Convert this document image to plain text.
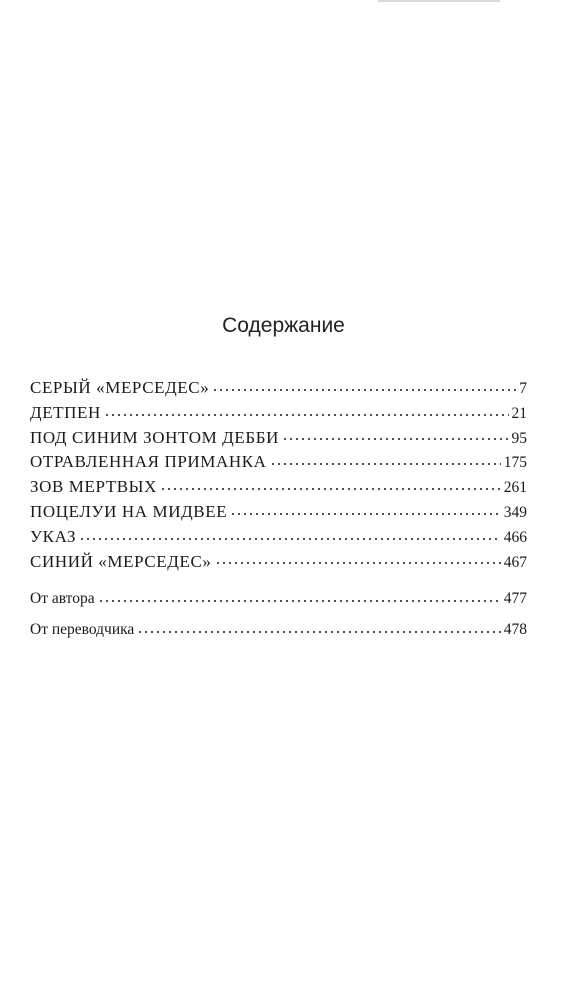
Содержание
СЕРЫЙ «МЕРСЕДЕС»	7
ДЕТПЕН	21
ПОД СИНИМ ЗОНТОМ ДЕББИ	95
ОТРАВЛЕННАЯ ПРИМАНКА	175
ЗОВ МЕРТВЫХ	261
ПОЦЕЛУИ НА МИДВЕЕ	349
УКАЗ	466
СИНИЙ «МЕРСЕДЕС»	467
От автора	477
От переводчика	478
